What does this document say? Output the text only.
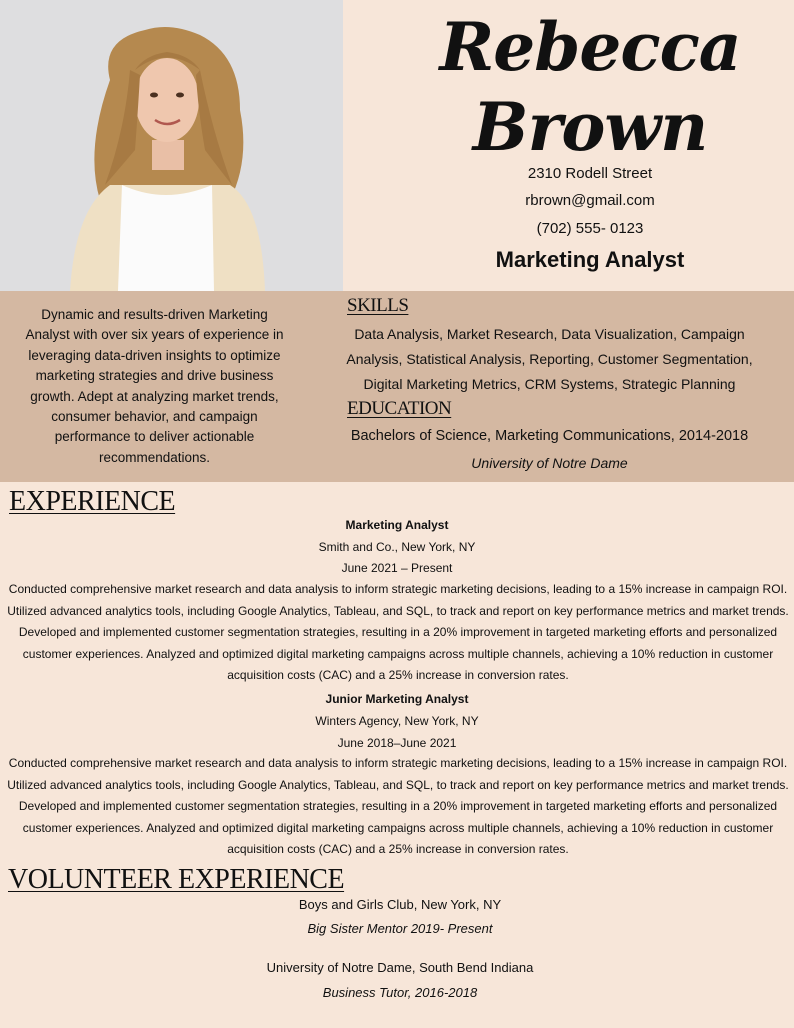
Rebecca
Brown
2310 Rodell Street
rbrown@gmail.com
(702) 555- 0123
Marketing Analyst
Dynamic and results-driven Marketing Analyst with over six years of experience in leveraging data-driven insights to optimize marketing strategies and drive business growth. Adept at analyzing market trends, consumer behavior, and campaign performance to deliver actionable recommendations.
SKILLS
Data Analysis, Market Research, Data Visualization, Campaign Analysis, Statistical Analysis, Reporting, Customer Segmentation, Digital Marketing Metrics, CRM Systems, Strategic Planning
EDUCATION
Bachelors of Science, Marketing Communications, 2014-2018
University of Notre Dame
EXPERIENCE
Marketing Analyst
Smith and Co., New York, NY
June 2021 – Present
Conducted comprehensive market research and data analysis to inform strategic marketing decisions, leading to a 15% increase in campaign ROI. Utilized advanced analytics tools, including Google Analytics, Tableau, and SQL, to track and report on key performance metrics and market trends. Developed and implemented customer segmentation strategies, resulting in a 20% improvement in targeted marketing efforts and personalized customer experiences. Analyzed and optimized digital marketing campaigns across multiple channels, achieving a 10% reduction in customer acquisition costs (CAC) and a 25% increase in conversion rates.
Junior Marketing Analyst
Winters Agency, New York, NY
June 2018–June 2021
Conducted comprehensive market research and data analysis to inform strategic marketing decisions, leading to a 15% increase in campaign ROI. Utilized advanced analytics tools, including Google Analytics, Tableau, and SQL, to track and report on key performance metrics and market trends. Developed and implemented customer segmentation strategies, resulting in a 20% improvement in targeted marketing efforts and personalized customer experiences. Analyzed and optimized digital marketing campaigns across multiple channels, achieving a 10% reduction in customer acquisition costs (CAC) and a 25% increase in conversion rates.
VOLUNTEER EXPERIENCE
Boys and Girls Club, New York, NY
Big Sister Mentor 2019- Present
University of Notre Dame, South Bend Indiana
Business Tutor, 2016-2018
